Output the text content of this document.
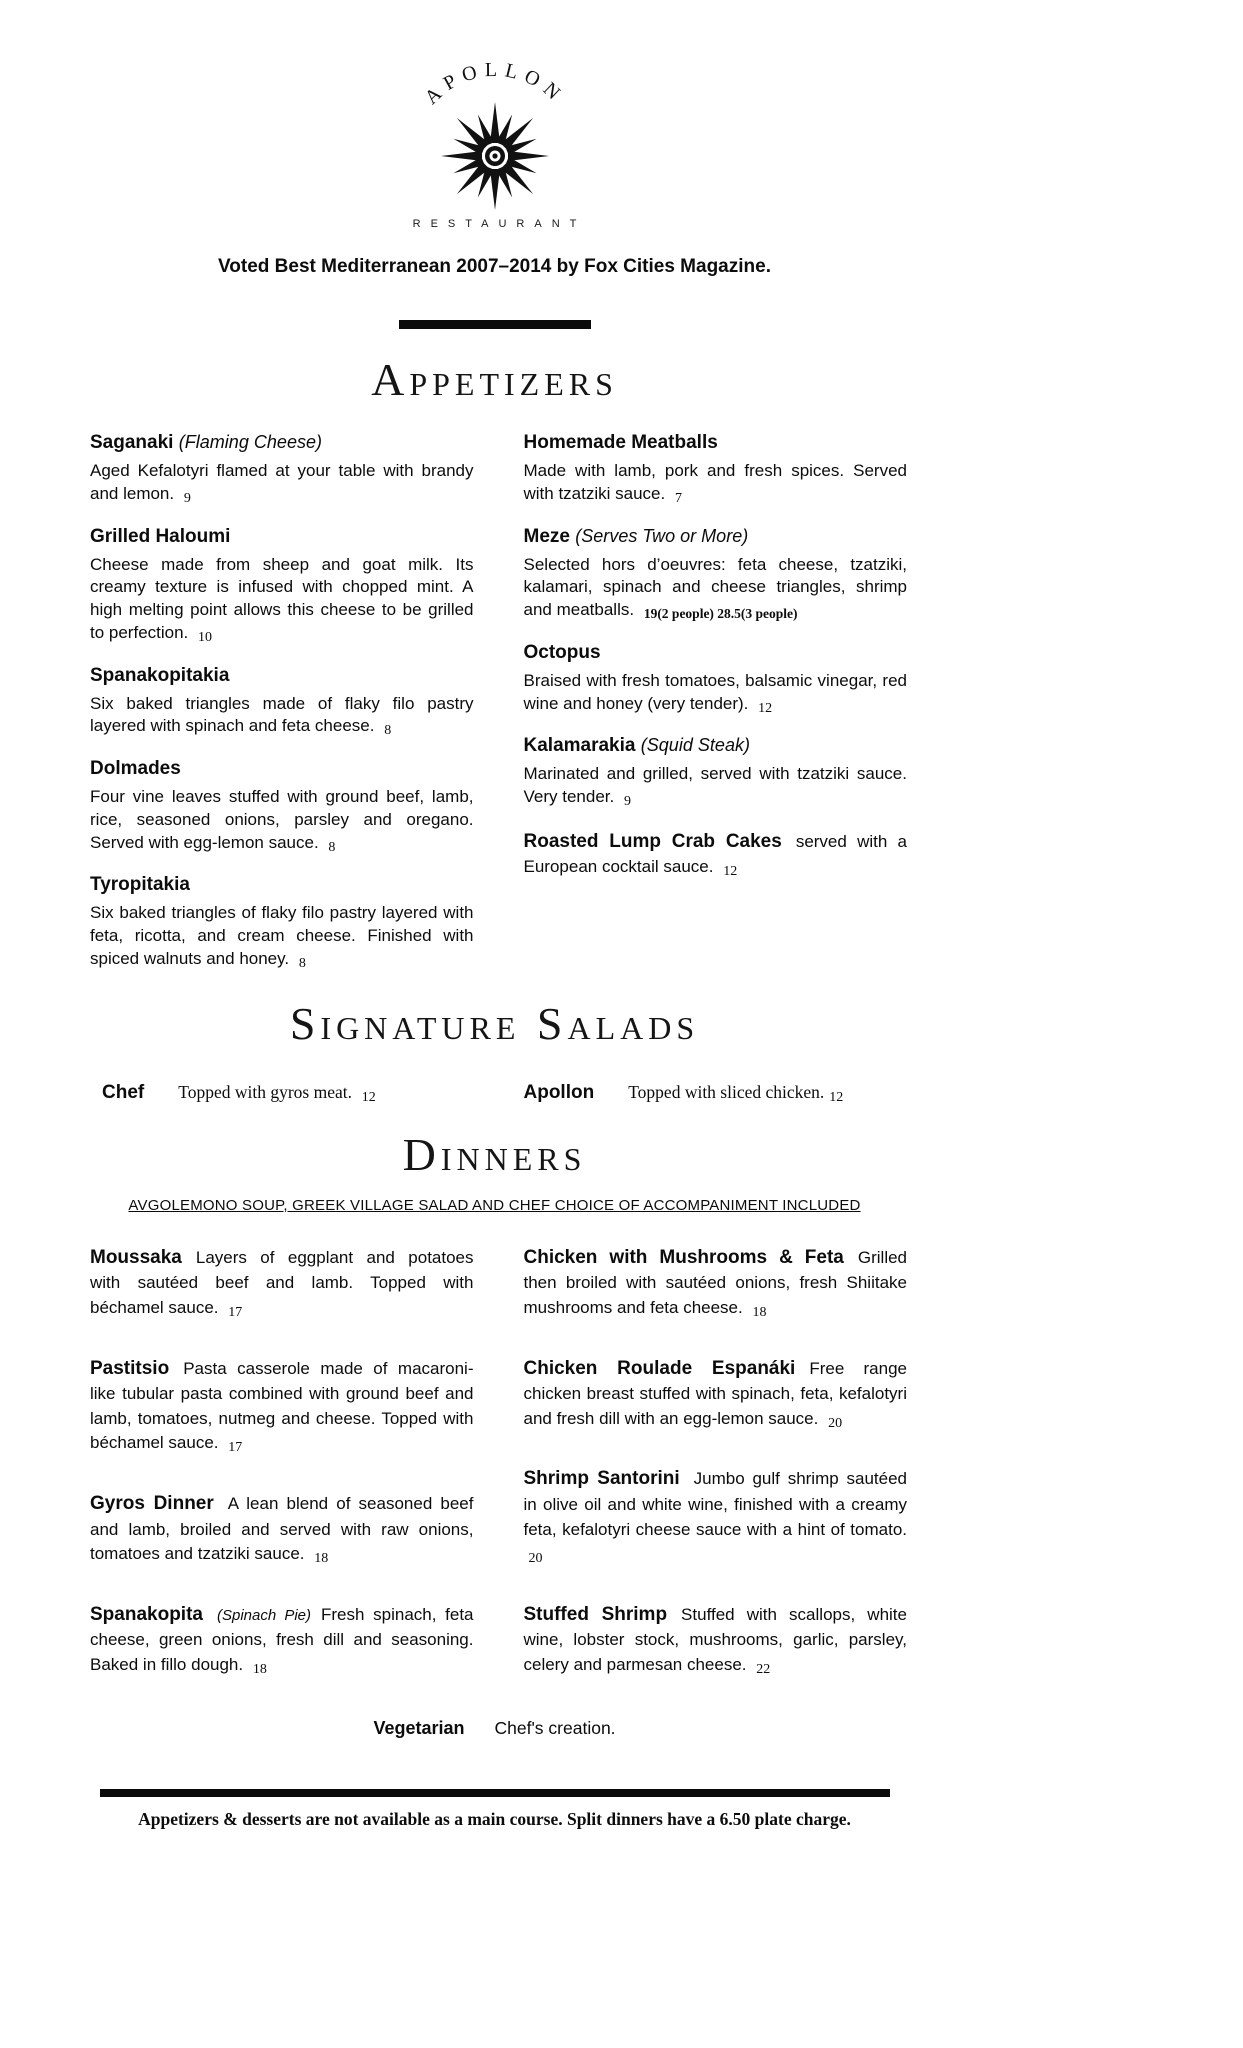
APOLLON
RESTAURANT

Voted Best Mediterranean 2007–2014 by Fox Cities Magazine.

Appetizers
Saganaki (Flaming Cheese)

Aged Kefalotyri flamed at your table with brandy and lemon. 9

Grilled Haloumi

Cheese made from sheep and goat milk. Its creamy texture is infused with chopped mint. A high melting point allows this cheese to be grilled to perfection. 10

Spanakopitakia

Six baked triangles made of flaky filo pastry layered with spinach and feta cheese. 8

Dolmades

Four vine leaves stuffed with ground beef, lamb, rice, seasoned onions, parsley and oregano. Served with egg-lemon sauce. 8

Tyropitakia

Six baked triangles of flaky filo pastry layered with feta, ricotta, and cream cheese. Finished with spiced walnuts and honey. 8

Homemade Meatballs

Made with lamb, pork and fresh spices. Served with tzatziki sauce. 7

Meze (Serves Two or More)

Selected hors d’oeuvres: feta cheese, tzatziki, kalamari, spinach and cheese triangles, shrimp and meatballs. 19(2 people) 28.5(3 people)

Octopus

Braised with fresh tomatoes, balsamic vinegar, red wine and honey (very tender). 12

Kalamarakia (Squid Steak)

Marinated and grilled, served with tzatziki sauce. Very tender. 9

Roasted Lump Crab Cakes served with a European cocktail sauce. 12

Signature Salads
Chef Topped with gyros meat. 12	Apollon Topped with sliced chicken. 12
Dinners

AVGOLEMONO SOUP, GREEK VILLAGE SALAD AND CHEF CHOICE OF ACCOMPANIMENT INCLUDED

Moussaka Layers of eggplant and potatoes with sautéed beef and lamb. Topped with béchamel sauce. 17

Pastitsio Pasta casserole made of macaroni-like tubular pasta combined with ground beef and lamb, tomatoes, nutmeg and cheese. Topped with béchamel sauce. 17

Gyros Dinner A lean blend of seasoned beef and lamb, broiled and served with raw onions, tomatoes and tzatziki sauce. 18

Spanakopita (Spinach Pie) Fresh spinach, feta cheese, green onions, fresh dill and seasoning. Baked in fillo dough. 18

Chicken with Mushrooms & Feta Grilled then broiled with sautéed onions, fresh Shiitake mushrooms and feta cheese. 18

Chicken Roulade Espanáki Free range chicken breast stuffed with spinach, feta, kefalotyri and fresh dill with an egg-lemon sauce. 20

Shrimp Santorini Jumbo gulf shrimp sautéed in olive oil and white wine, finished with a creamy feta, kefalotyri cheese sauce with a hint of tomato. 20

Stuffed Shrimp Stuffed with scallops, white wine, lobster stock, mushrooms, garlic, parsley, celery and parmesan cheese. 22

Vegetarian Chef's creation.

Appetizers & desserts are not available as a main course. Split dinners have a 6.50 plate charge.
